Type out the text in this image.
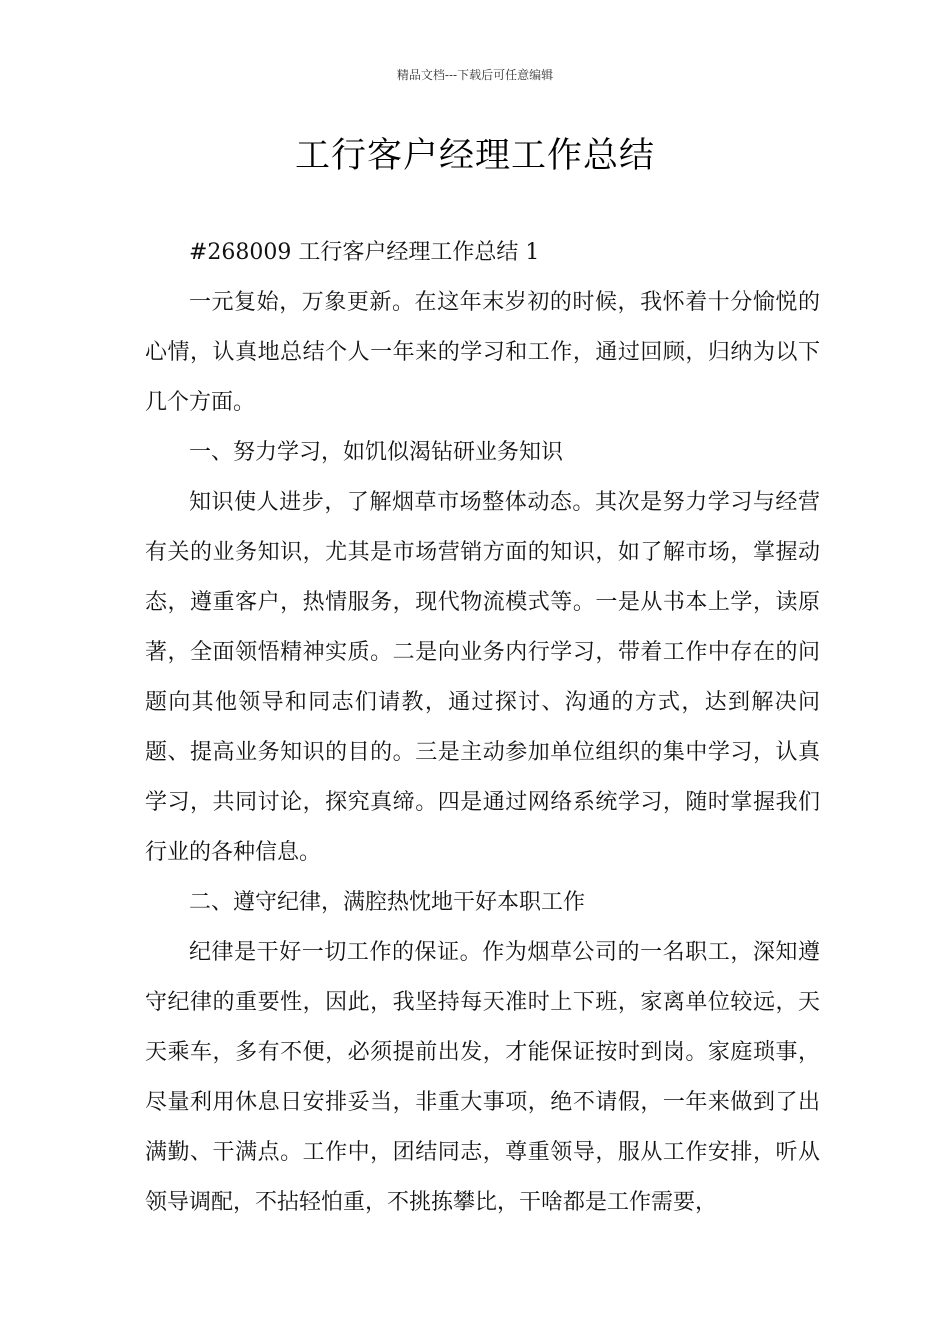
精品文档---下载后可任意编辑
工行客户经理工作总结

#268009 工行客户经理工作总结 1

一元复始，万象更新。在这年末岁初的时候，我怀着十分愉悦的心情，认真地总结个人一年来的学习和工作，通过回顾，归纳为以下几个方面。

一、努力学习，如饥似渴钻研业务知识

知识使人进步，了解烟草市场整体动态。其次是努力学习与经营有关的业务知识，尤其是市场营销方面的知识，如了解市场，掌握动态，遵重客户，热情服务，现代物流模式等。一是从书本上学，读原著，全面领悟精神实质。二是向业务内行学习，带着工作中存在的问题向其他领导和同志们请教，通过探讨、沟通的方式，达到解决问题、提高业务知识的目的。三是主动参加单位组织的集中学习，认真学习，共同讨论，探究真缔。四是通过网络系统学习，随时掌握我们行业的各种信息。

二、遵守纪律，满腔热忱地干好本职工作

纪律是干好一切工作的保证。作为烟草公司的一名职工，深知遵守纪律的重要性，因此，我坚持每天准时上下班，家离单位较远，天天乘车，多有不便，必须提前出发，才能保证按时到岗。家庭琐事，尽量利用休息日安排妥当，非重大事项，绝不请假，一年来做到了出满勤、干满点。工作中，团结同志，尊重领导，服从工作安排，听从领导调配，不拈轻怕重，不挑拣攀比，干啥都是工作需要，
